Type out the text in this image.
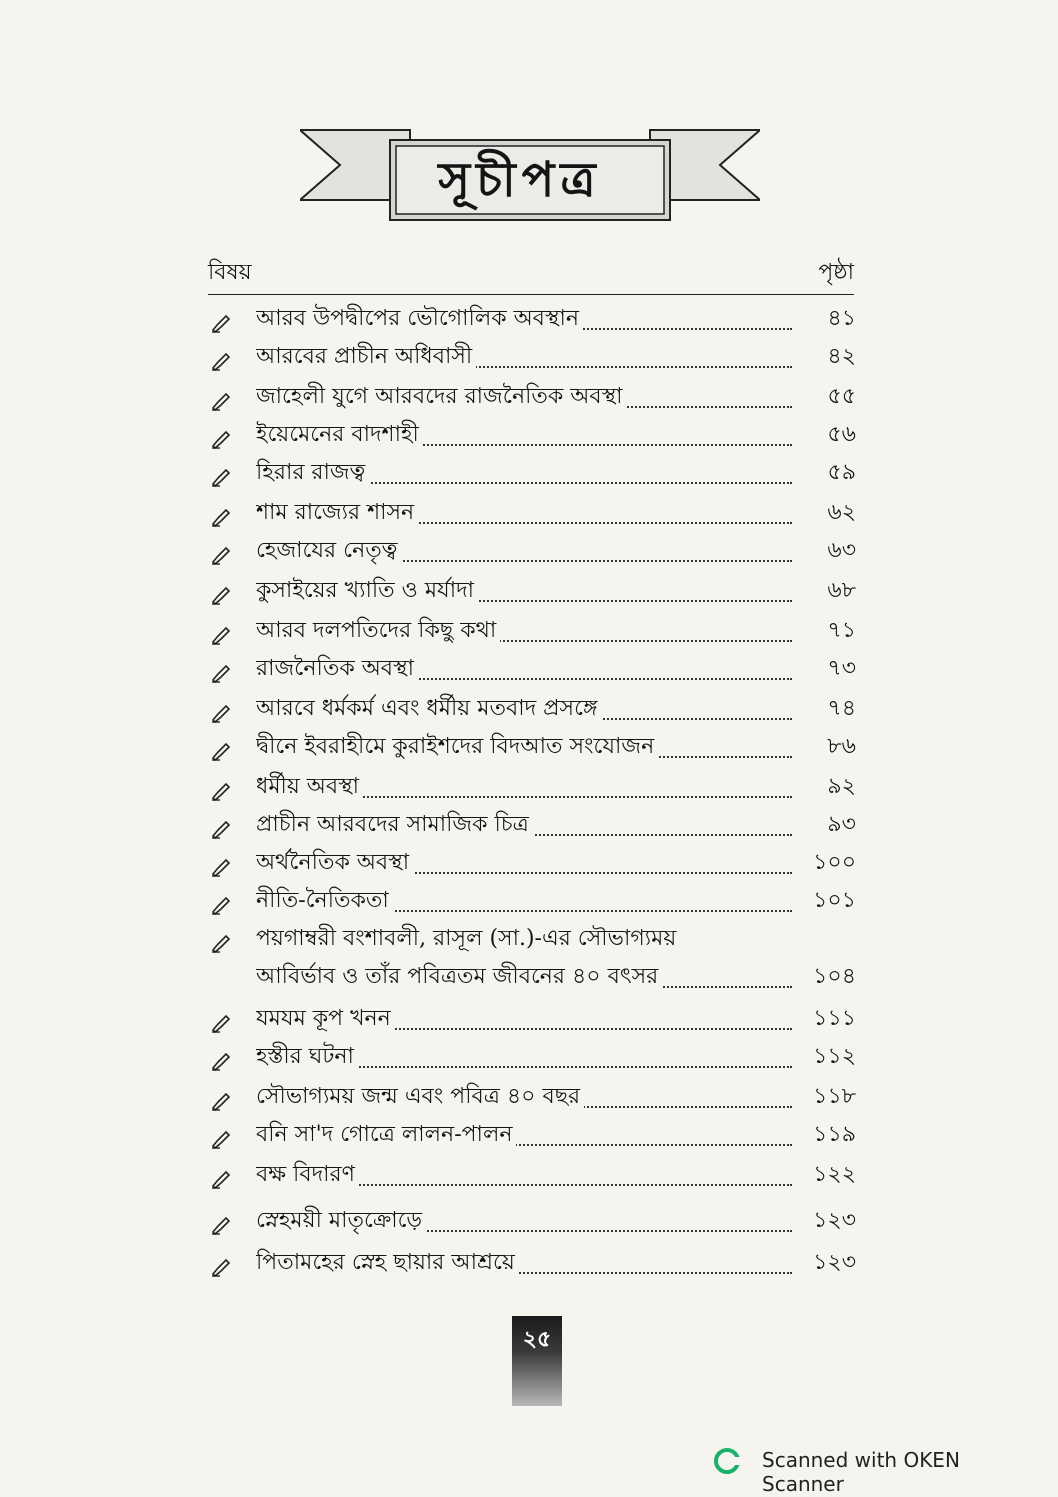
সূচীপত্র
বিষয়	পৃষ্ঠা
আরব উপদ্বীপের ভৌগোলিক অবস্থান	৪১
আরবের প্রাচীন অধিবাসী	৪২
জাহেলী যুগে আরবদের রাজনৈতিক অবস্থা	৫৫
ইয়েমেনের বাদশাহী	৫৬
হিরার রাজত্ব	৫৯
শাম রাজ্যের শাসন	৬২
হেজাযের নেতৃত্ব	৬৩
কুসাইয়ের খ্যাতি ও মর্যাদা	৬৮
আরব দলপতিদের কিছু কথা	৭১
রাজনৈতিক অবস্থা	৭৩
আরবে ধর্মকর্ম এবং ধর্মীয় মতবাদ প্রসঙ্গে	৭৪
দ্বীনে ইবরাহীমে কুরাইশদের বিদআত সংযোজন	৮৬
ধর্মীয় অবস্থা	৯২
প্রাচীন আরবদের সামাজিক চিত্র	৯৩
অর্থনৈতিক অবস্থা	১০০
নীতি-নৈতিকতা	১০১
পয়গাম্বরী বংশাবলী, রাসূল (সা.)-এর সৌভাগ্যময়
আবির্ভাব ও তাঁর পবিত্রতম জীবনের ৪০ বৎসর	১০৪
যমযম কূপ খনন	১১১
হস্তীর ঘটনা	১১২
সৌভাগ্যময় জন্ম এবং পবিত্র ৪০ বছর	১১৮
বনি সা'দ গোত্রে লালন-পালন	১১৯
বক্ষ বিদারণ	১২২
স্নেহময়ী মাতৃক্রোড়ে	১২৩
পিতামহের স্নেহ ছায়ার আশ্রয়ে	১২৩
২৫
Scanned with OKEN Scanner
